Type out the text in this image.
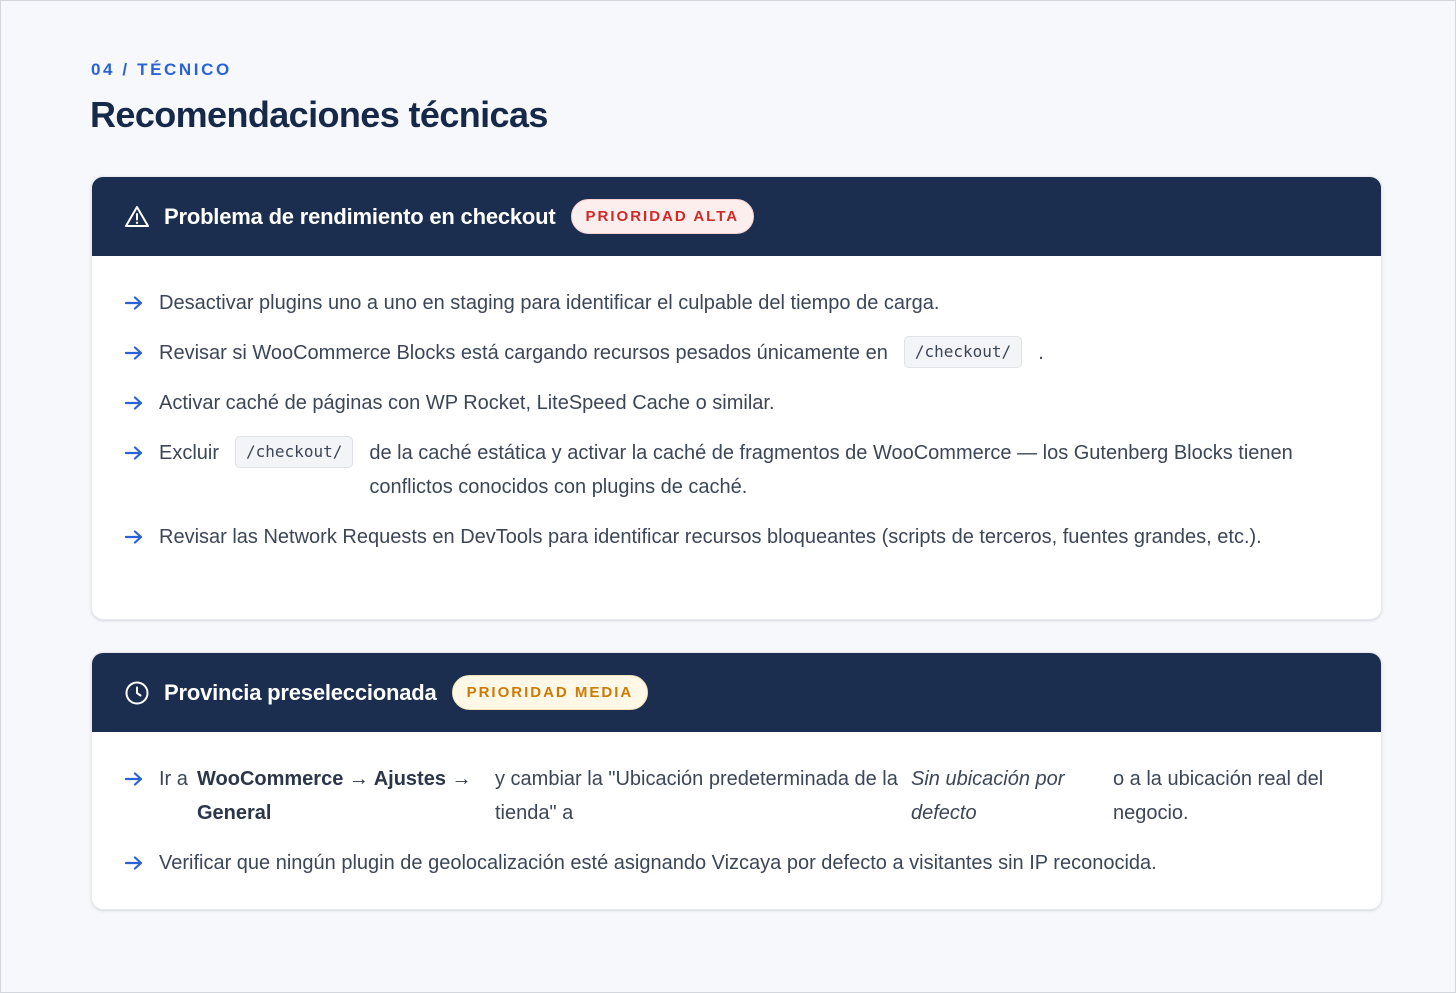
04 / TÉCNICO
Recomendaciones técnicas
Problema de rendimiento en checkout	PRIORIDAD ALTA
Desactivar plugins uno a uno en staging para identificar el culpable del tiempo de carga.
Revisar si WooCommerce Blocks está cargando recursos pesados únicamente en /checkout/ .
Activar caché de páginas con WP Rocket, LiteSpeed Cache o similar.
Excluir	/checkout/	de la caché estática y activar la caché de fragmentos de WooCommerce — los Gutenberg Blocks tienen conflictos conocidos con plugins de caché.
Revisar las Network Requests en DevTools para identificar recursos bloqueantes (scripts de terceros, fuentes grandes, etc.).
Provincia preseleccionada	PRIORIDAD MEDIA
Ir a WooCommerce → Ajustes → General
y cambiar la "Ubicación predeterminada de la tienda" a
Sin ubicación por defecto
o a la ubicación real del negocio.
Verificar que ningún plugin de geolocalización esté asignando Vizcaya por defecto a visitantes sin IP reconocida.
